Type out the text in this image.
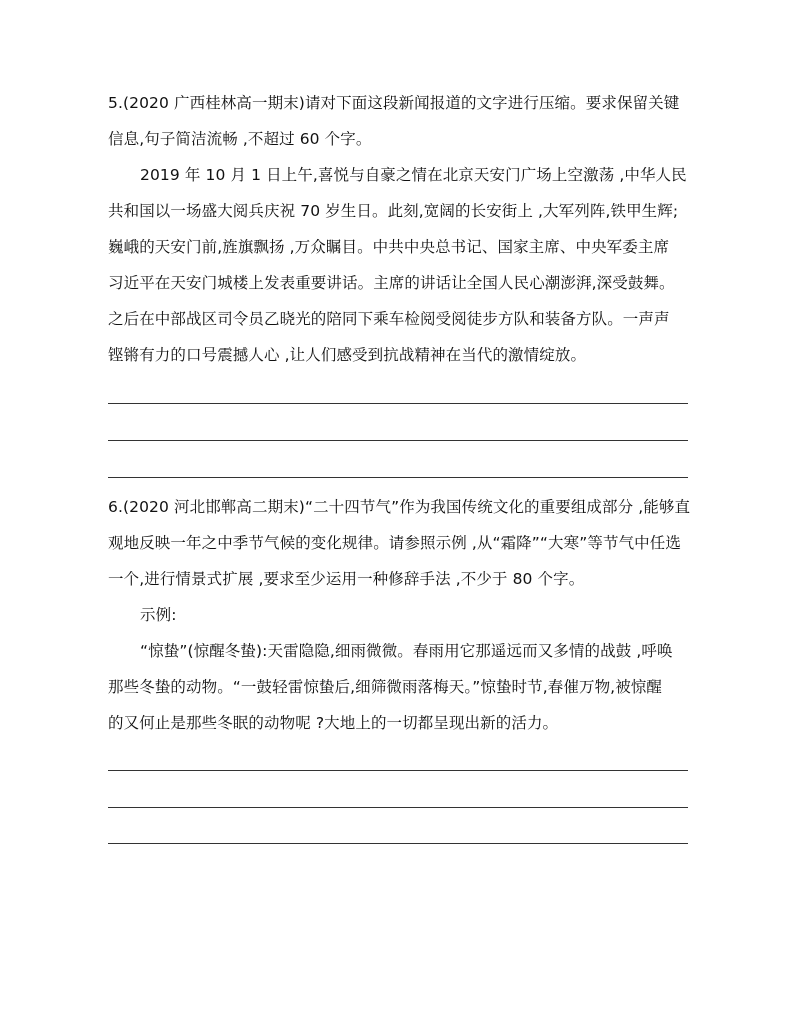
5.(2020 广西桂林高一期末)请对下面这段新闻报道的文字进行压缩。要求保留关键
信息,句子简洁流畅 ,不超过 60 个字。
2019 年 10 月 1 日上午,喜悦与自豪之情在北京天安门广场上空激荡 ,中华人民
共和国以一场盛大阅兵庆祝 70 岁生日。此刻,宽阔的长安街上 ,大军列阵,铁甲生辉;
巍峨的天安门前,旌旗飘扬 ,万众瞩目。中共中央总书记、国家主席、中央军委主席
习近平在天安门城楼上发表重要讲话。主席的讲话让全国人民心潮澎湃,深受鼓舞。
之后在中部战区司令员乙晓光的陪同下乘车检阅受阅徒步方队和装备方队。一声声
铿锵有力的口号震撼人心 ,让人们感受到抗战精神在当代的激情绽放。
6.(2020 河北邯郸高二期末)“二十四节气”作为我国传统文化的重要组成部分 ,能够直
观地反映一年之中季节气候的变化规律。请参照示例 ,从“霜降”“大寒”等节气中任选
一个,进行情景式扩展 ,要求至少运用一种修辞手法 ,不少于 80 个字。
示例:
“惊蛰”(惊醒冬蛰):天雷隐隐,细雨微微。春雨用它那遥远而又多情的战鼓 ,呼唤
那些冬蛰的动物。“一鼓轻雷惊蛰后,细筛微雨落梅天。”惊蛰时节,春催万物,被惊醒
的又何止是那些冬眠的动物呢 ?大地上的一切都呈现出新的活力。
